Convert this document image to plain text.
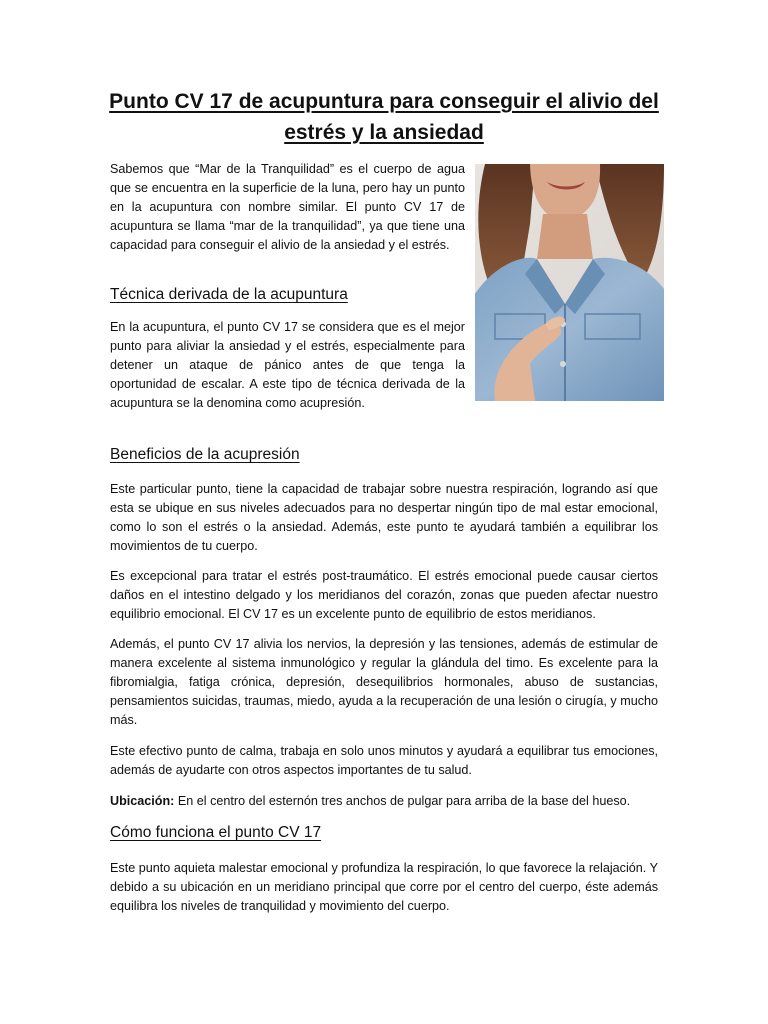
Punto CV 17 de acupuntura para conseguir el alivio del estrés y la ansiedad

Sabemos que “Mar de la Tranquilidad” es el cuerpo de agua que se encuentra en la superficie de la luna, pero hay un punto en la acupuntura con nombre similar. El punto CV 17 de acupuntura se llama “mar de la tranquilidad”, ya que tiene una capacidad para conseguir el alivio de la ansiedad y el estrés.

Técnica derivada de la acupuntura

En la acupuntura, el punto CV 17 se considera que es el mejor punto para aliviar la ansiedad y el estrés, especialmente para detener un ataque de pánico antes de que tenga la oportunidad de escalar. A este tipo de técnica derivada de la acupuntura se la denomina como acupresión.

Beneficios de la acupresión

Este particular punto, tiene la capacidad de trabajar sobre nuestra respiración, logrando así que esta se ubique en sus niveles adecuados para no despertar ningún tipo de mal estar emocional, como lo son el estrés o la ansiedad. Además, este punto te ayudará también a equilibrar los movimientos de tu cuerpo.

Es excepcional para tratar el estrés post-traumático. El estrés emocional puede causar ciertos daños en el intestino delgado y los meridianos del corazón, zonas que pueden afectar nuestro equilibrio emocional. El CV 17 es un excelente punto de equilibrio de estos meridianos.

Además, el punto CV 17 alivia los nervios, la depresión y las tensiones, además de estimular de manera excelente al sistema inmunológico y regular la glándula del timo. Es excelente para la fibromialgia, fatiga crónica, depresión, desequilibrios hormonales, abuso de sustancias, pensamientos suicidas, traumas, miedo, ayuda a la recuperación de una lesión o cirugía, y mucho más.

Este efectivo punto de calma, trabaja en solo unos minutos y ayudará a equilibrar tus emociones, además de ayudarte con otros aspectos importantes de tu salud.

Ubicación: En el centro del esternón tres anchos de pulgar para arriba de la base del hueso.

Cómo funciona el punto CV 17

Este punto aquieta malestar emocional y profundiza la respiración, lo que favorece la relajación. Y debido a su ubicación en un meridiano principal que corre por el centro del cuerpo, éste además equilibra los niveles de tranquilidad y movimiento del cuerpo.
